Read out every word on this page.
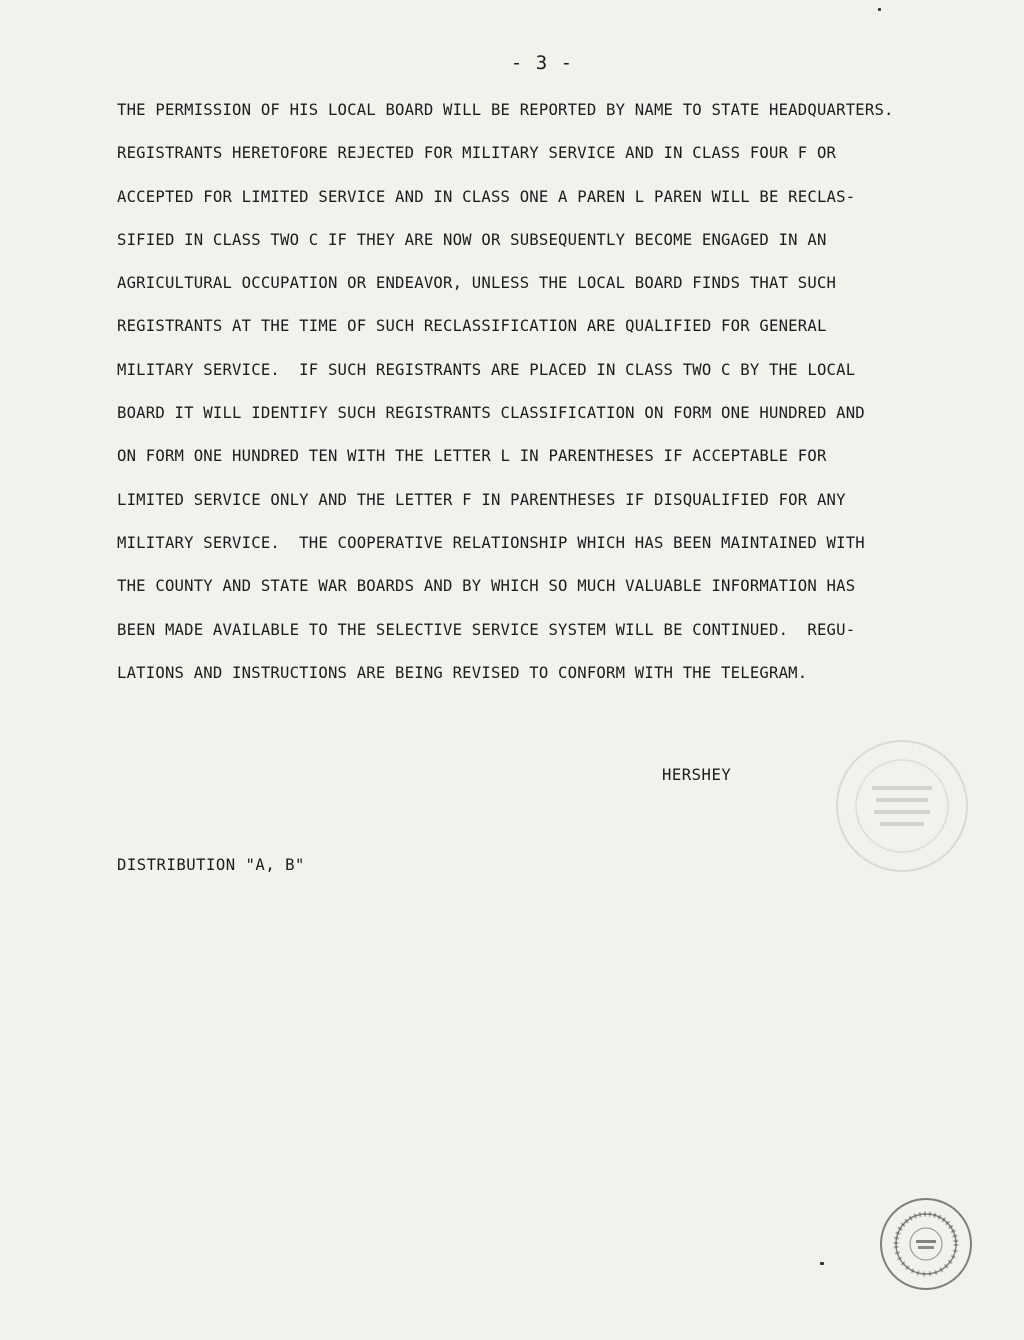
- 3 -
THE PERMISSION OF HIS LOCAL BOARD WILL BE REPORTED BY NAME TO STATE HEADQUARTERS.
REGISTRANTS HERETOFORE REJECTED FOR MILITARY SERVICE AND IN CLASS FOUR F OR
ACCEPTED FOR LIMITED SERVICE AND IN CLASS ONE A PAREN L PAREN WILL BE RECLAS-
SIFIED IN CLASS TWO C IF THEY ARE NOW OR SUBSEQUENTLY BECOME ENGAGED IN AN
AGRICULTURAL OCCUPATION OR ENDEAVOR, UNLESS THE LOCAL BOARD FINDS THAT SUCH
REGISTRANTS AT THE TIME OF SUCH RECLASSIFICATION ARE QUALIFIED FOR GENERAL
MILITARY SERVICE.  IF SUCH REGISTRANTS ARE PLACED IN CLASS TWO C BY THE LOCAL
BOARD IT WILL IDENTIFY SUCH REGISTRANTS CLASSIFICATION ON FORM ONE HUNDRED AND
ON FORM ONE HUNDRED TEN WITH THE LETTER L IN PARENTHESES IF ACCEPTABLE FOR
LIMITED SERVICE ONLY AND THE LETTER F IN PARENTHESES IF DISQUALIFIED FOR ANY
MILITARY SERVICE.  THE COOPERATIVE RELATIONSHIP WHICH HAS BEEN MAINTAINED WITH
THE COUNTY AND STATE WAR BOARDS AND BY WHICH SO MUCH VALUABLE INFORMATION HAS
BEEN MADE AVAILABLE TO THE SELECTIVE SERVICE SYSTEM WILL BE CONTINUED.  REGU-
LATIONS AND INSTRUCTIONS ARE BEING REVISED TO CONFORM WITH THE TELEGRAM.
HERSHEY
DISTRIBUTION "A, B"
